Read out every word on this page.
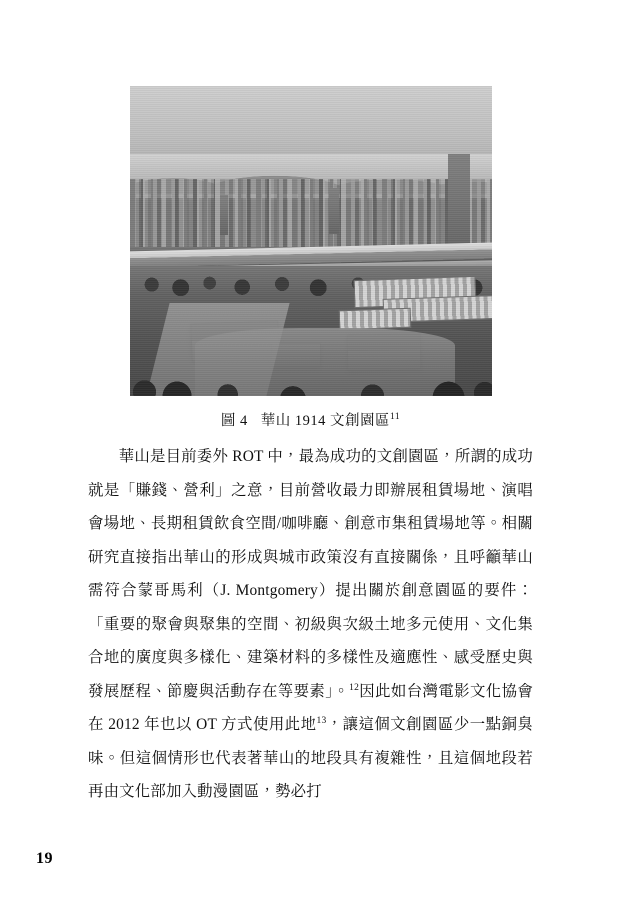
圖 4 華山 1914 文創園區$^{11}$

華山是目前委外 ROT 中，最為成功的文創園區，所謂的成功就是「賺錢、營利」之意，目前營收最力即辦展租賃場地、演唱會場地、長期租賃飲食空間/咖啡廳、創意市集租賃場地等。相關研究直接指出華山的形成與城市政策沒有直接關係，且呼籲華山需符合蒙哥馬利（J. Montgomery）提出關於創意園區的要件：「重要的聚會與聚集的空間、初級與次級土地多元使用、文化集合地的廣度與多樣化、建築材料的多樣性及適應性、感受歷史與發展歷程、節慶與活動存在等要素」。$^{12}$因此如台灣電影文化協會在 2012 年也以 OT 方式使用此地$^{13}$，讓這個文創園區少一點銅臭味。但這個情形也代表著華山的地段具有複雜性，且這個地段若再由文化部加入動漫園區，勢必打

19
